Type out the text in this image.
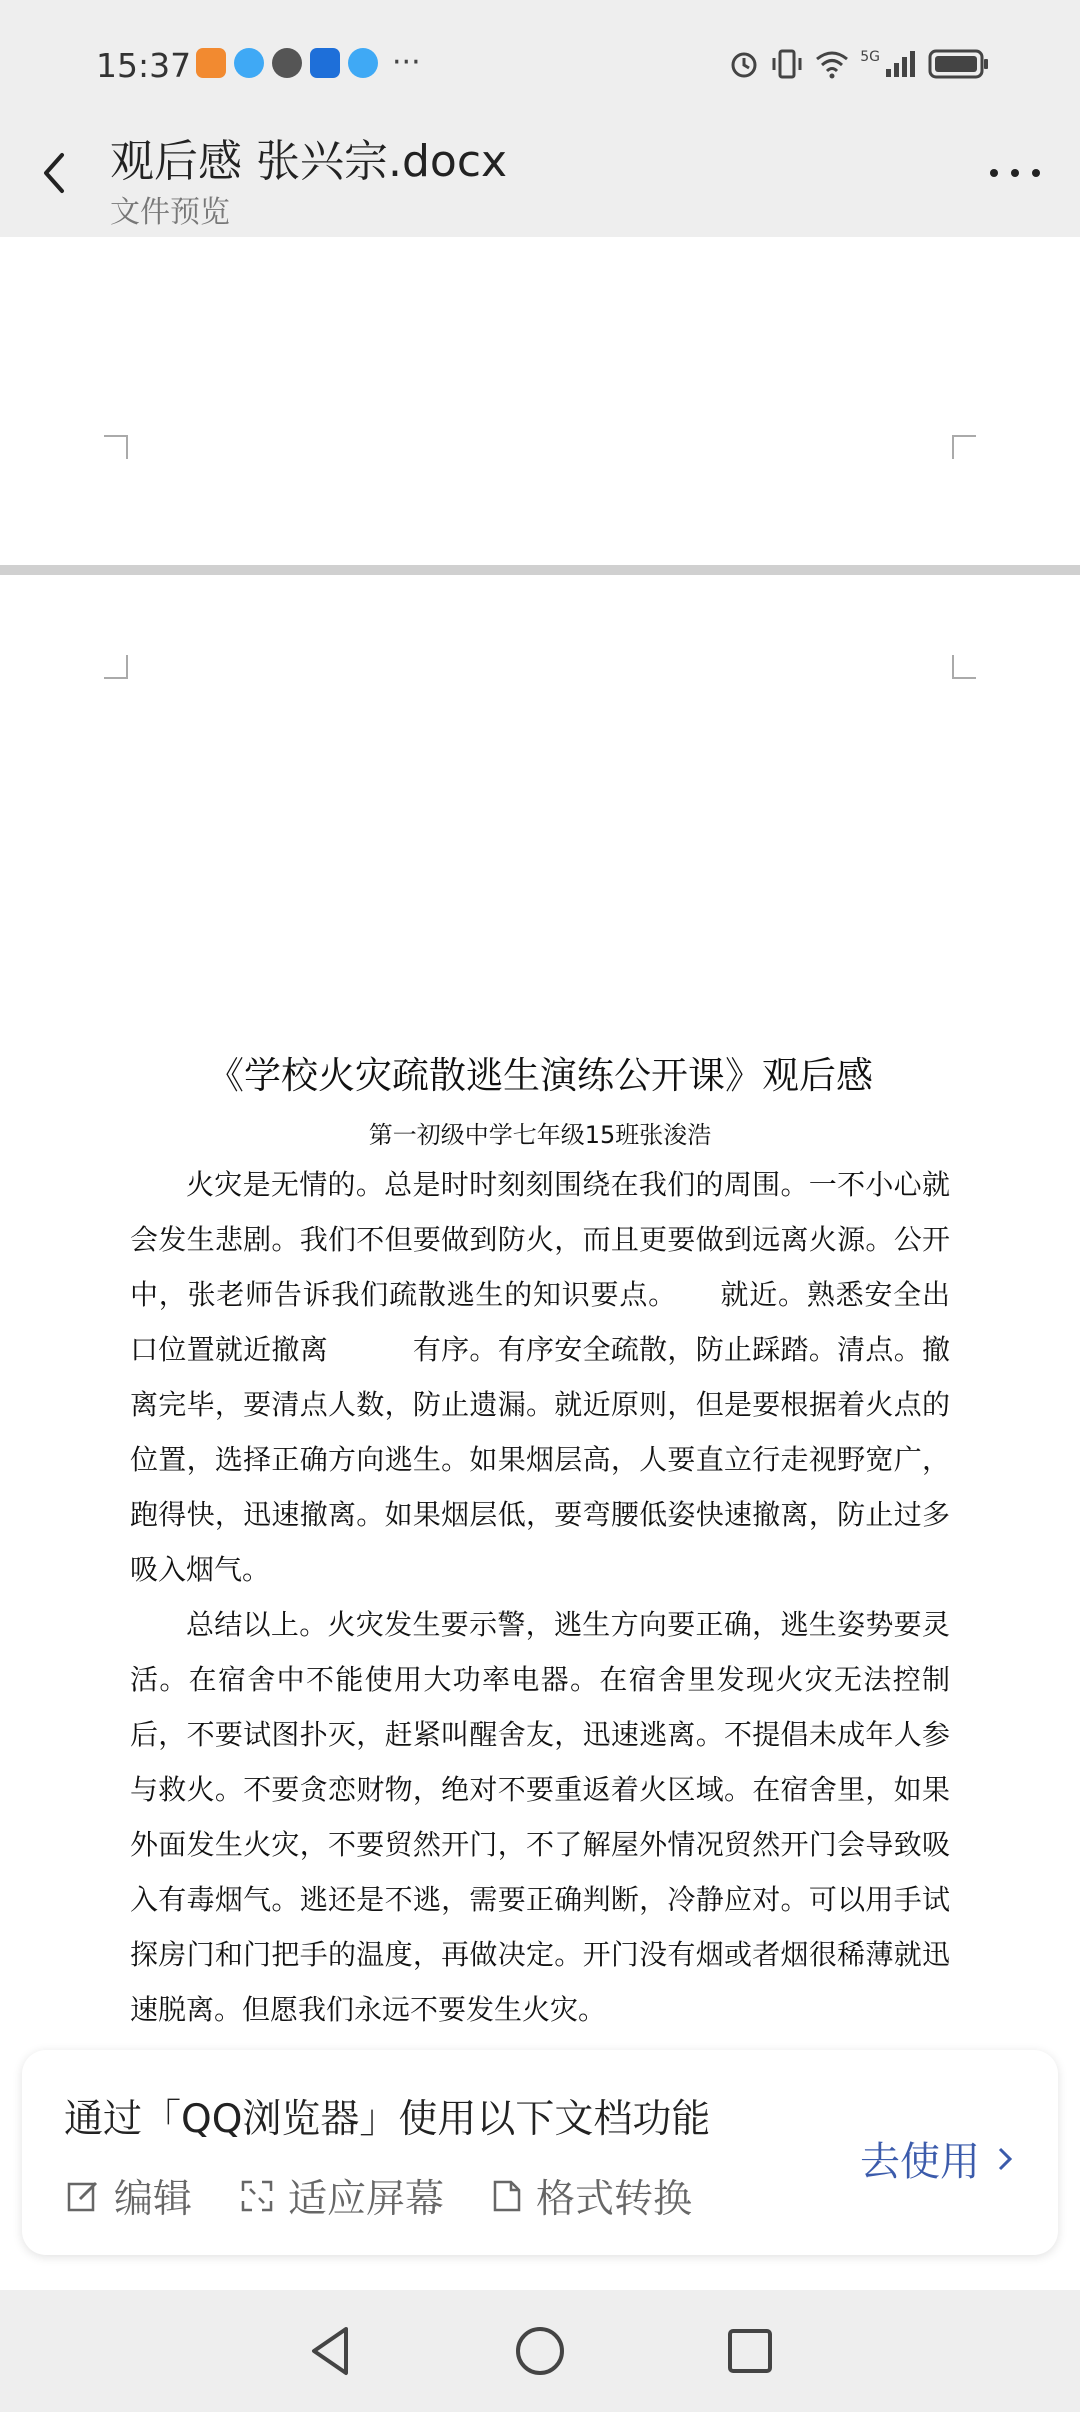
15:37	···	5G
观后感 张兴宗.docx
文件预览
《学校火灾疏散逃生演练公开课》观后感
第一初级中学七年级15班张浚浩

火灾是无情的。总是时时刻刻围绕在我们的周围。一不小心就会发生悲剧。我们不但要做到防火，而且更要做到远离火源。公开中，张老师告诉我们疏散逃生的知识要点。　　就近。熟悉安全出口位置就近撤离　　　有序。有序安全疏散，防止踩踏。清点。撤离完毕，要清点人数，防止遗漏。就近原则，但是要根据着火点的位置，选择正确方向逃生。如果烟层高，人要直立行走视野宽广，跑得快，迅速撤离。如果烟层低，要弯腰低姿快速撤离，防止过多吸入烟气。

总结以上。火灾发生要示警，逃生方向要正确，逃生姿势要灵活。在宿舍中不能使用大功率电器。在宿舍里发现火灾无法控制后，不要试图扑灭，赶紧叫醒舍友，迅速逃离。不提倡未成年人参与救火。不要贪恋财物，绝对不要重返着火区域。在宿舍里，如果外面发生火灾，不要贸然开门，不了解屋外情况贸然开门会导致吸入有毒烟气。逃还是不逃，需要正确判断，冷静应对。可以用手试探房门和门把手的温度，再做决定。开门没有烟或者烟很稀薄就迅速脱离。但愿我们永远不要发生火灾。

通过「QQ浏览器」使用以下文档功能
编辑 适应屏幕 格式转换
去使用
